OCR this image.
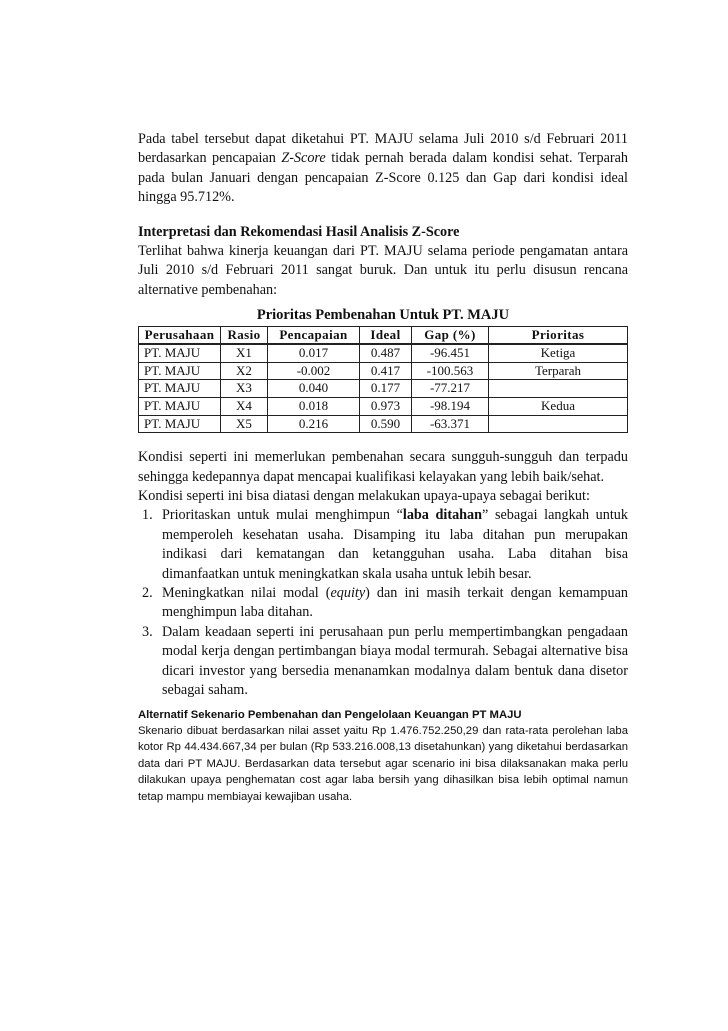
Pada tabel tersebut dapat diketahui PT. MAJU selama Juli 2010 s/d Februari 2011 berdasarkan pencapaian Z-Score tidak pernah berada dalam kondisi sehat. Terparah pada bulan Januari dengan pencapaian Z-Score 0.125 dan Gap dari kondisi ideal hingga 95.712%.

Interpretasi dan Rekomendasi Hasil Analisis Z-Score

Terlihat bahwa kinerja keuangan dari PT. MAJU selama periode pengamatan antara Juli 2010 s/d Februari 2011 sangat buruk. Dan untuk itu perlu disusun rencana alternative pembenahan:

Prioritas Pembenahan Untuk PT. MAJU

Perusahaan	Rasio	Pencapaian	Ideal	Gap (%)	Prioritas
PT. MAJU	X1	0.017	0.487	-96.451	Ketiga
PT. MAJU	X2	-0.002	0.417	-100.563	Terparah
PT. MAJU	X3	0.040	0.177	-77.217	
PT. MAJU	X4	0.018	0.973	-98.194	Kedua
PT. MAJU	X5	0.216	0.590	-63.371	

Kondisi seperti ini memerlukan pembenahan secara sungguh-sungguh dan terpadu sehingga kedepannya dapat mencapai kualifikasi kelayakan yang lebih baik/sehat.

Kondisi seperti ini bisa diatasi dengan melakukan upaya-upaya sebagai berikut:

1. Prioritaskan untuk mulai menghimpun “laba ditahan” sebagai langkah untuk memperoleh kesehatan usaha. Disamping itu laba ditahan pun merupakan indikasi dari kematangan dan ketangguhan usaha. Laba ditahan bisa dimanfaatkan untuk meningkatkan skala usaha untuk lebih besar.
2. Meningkatkan nilai modal (equity) dan ini masih terkait dengan kemampuan menghimpun laba ditahan.
3. Dalam keadaan seperti ini perusahaan pun perlu mempertimbangkan pengadaan modal kerja dengan pertimbangan biaya modal termurah. Sebagai alternative bisa dicari investor yang bersedia menanamkan modalnya dalam bentuk dana disetor sebagai saham.

Alternatif Sekenario Pembenahan dan Pengelolaan Keuangan PT MAJU

Skenario dibuat berdasarkan nilai asset yaitu Rp 1.476.752.250,29 dan rata-rata perolehan laba kotor Rp 44.434.667,34 per bulan (Rp 533.216.008,13 disetahunkan) yang diketahui berdasarkan data dari PT MAJU. Berdasarkan data tersebut agar scenario ini bisa dilaksanakan maka perlu dilakukan upaya penghematan cost agar laba bersih yang dihasilkan bisa lebih optimal namun tetap mampu membiayai kewajiban usaha.
